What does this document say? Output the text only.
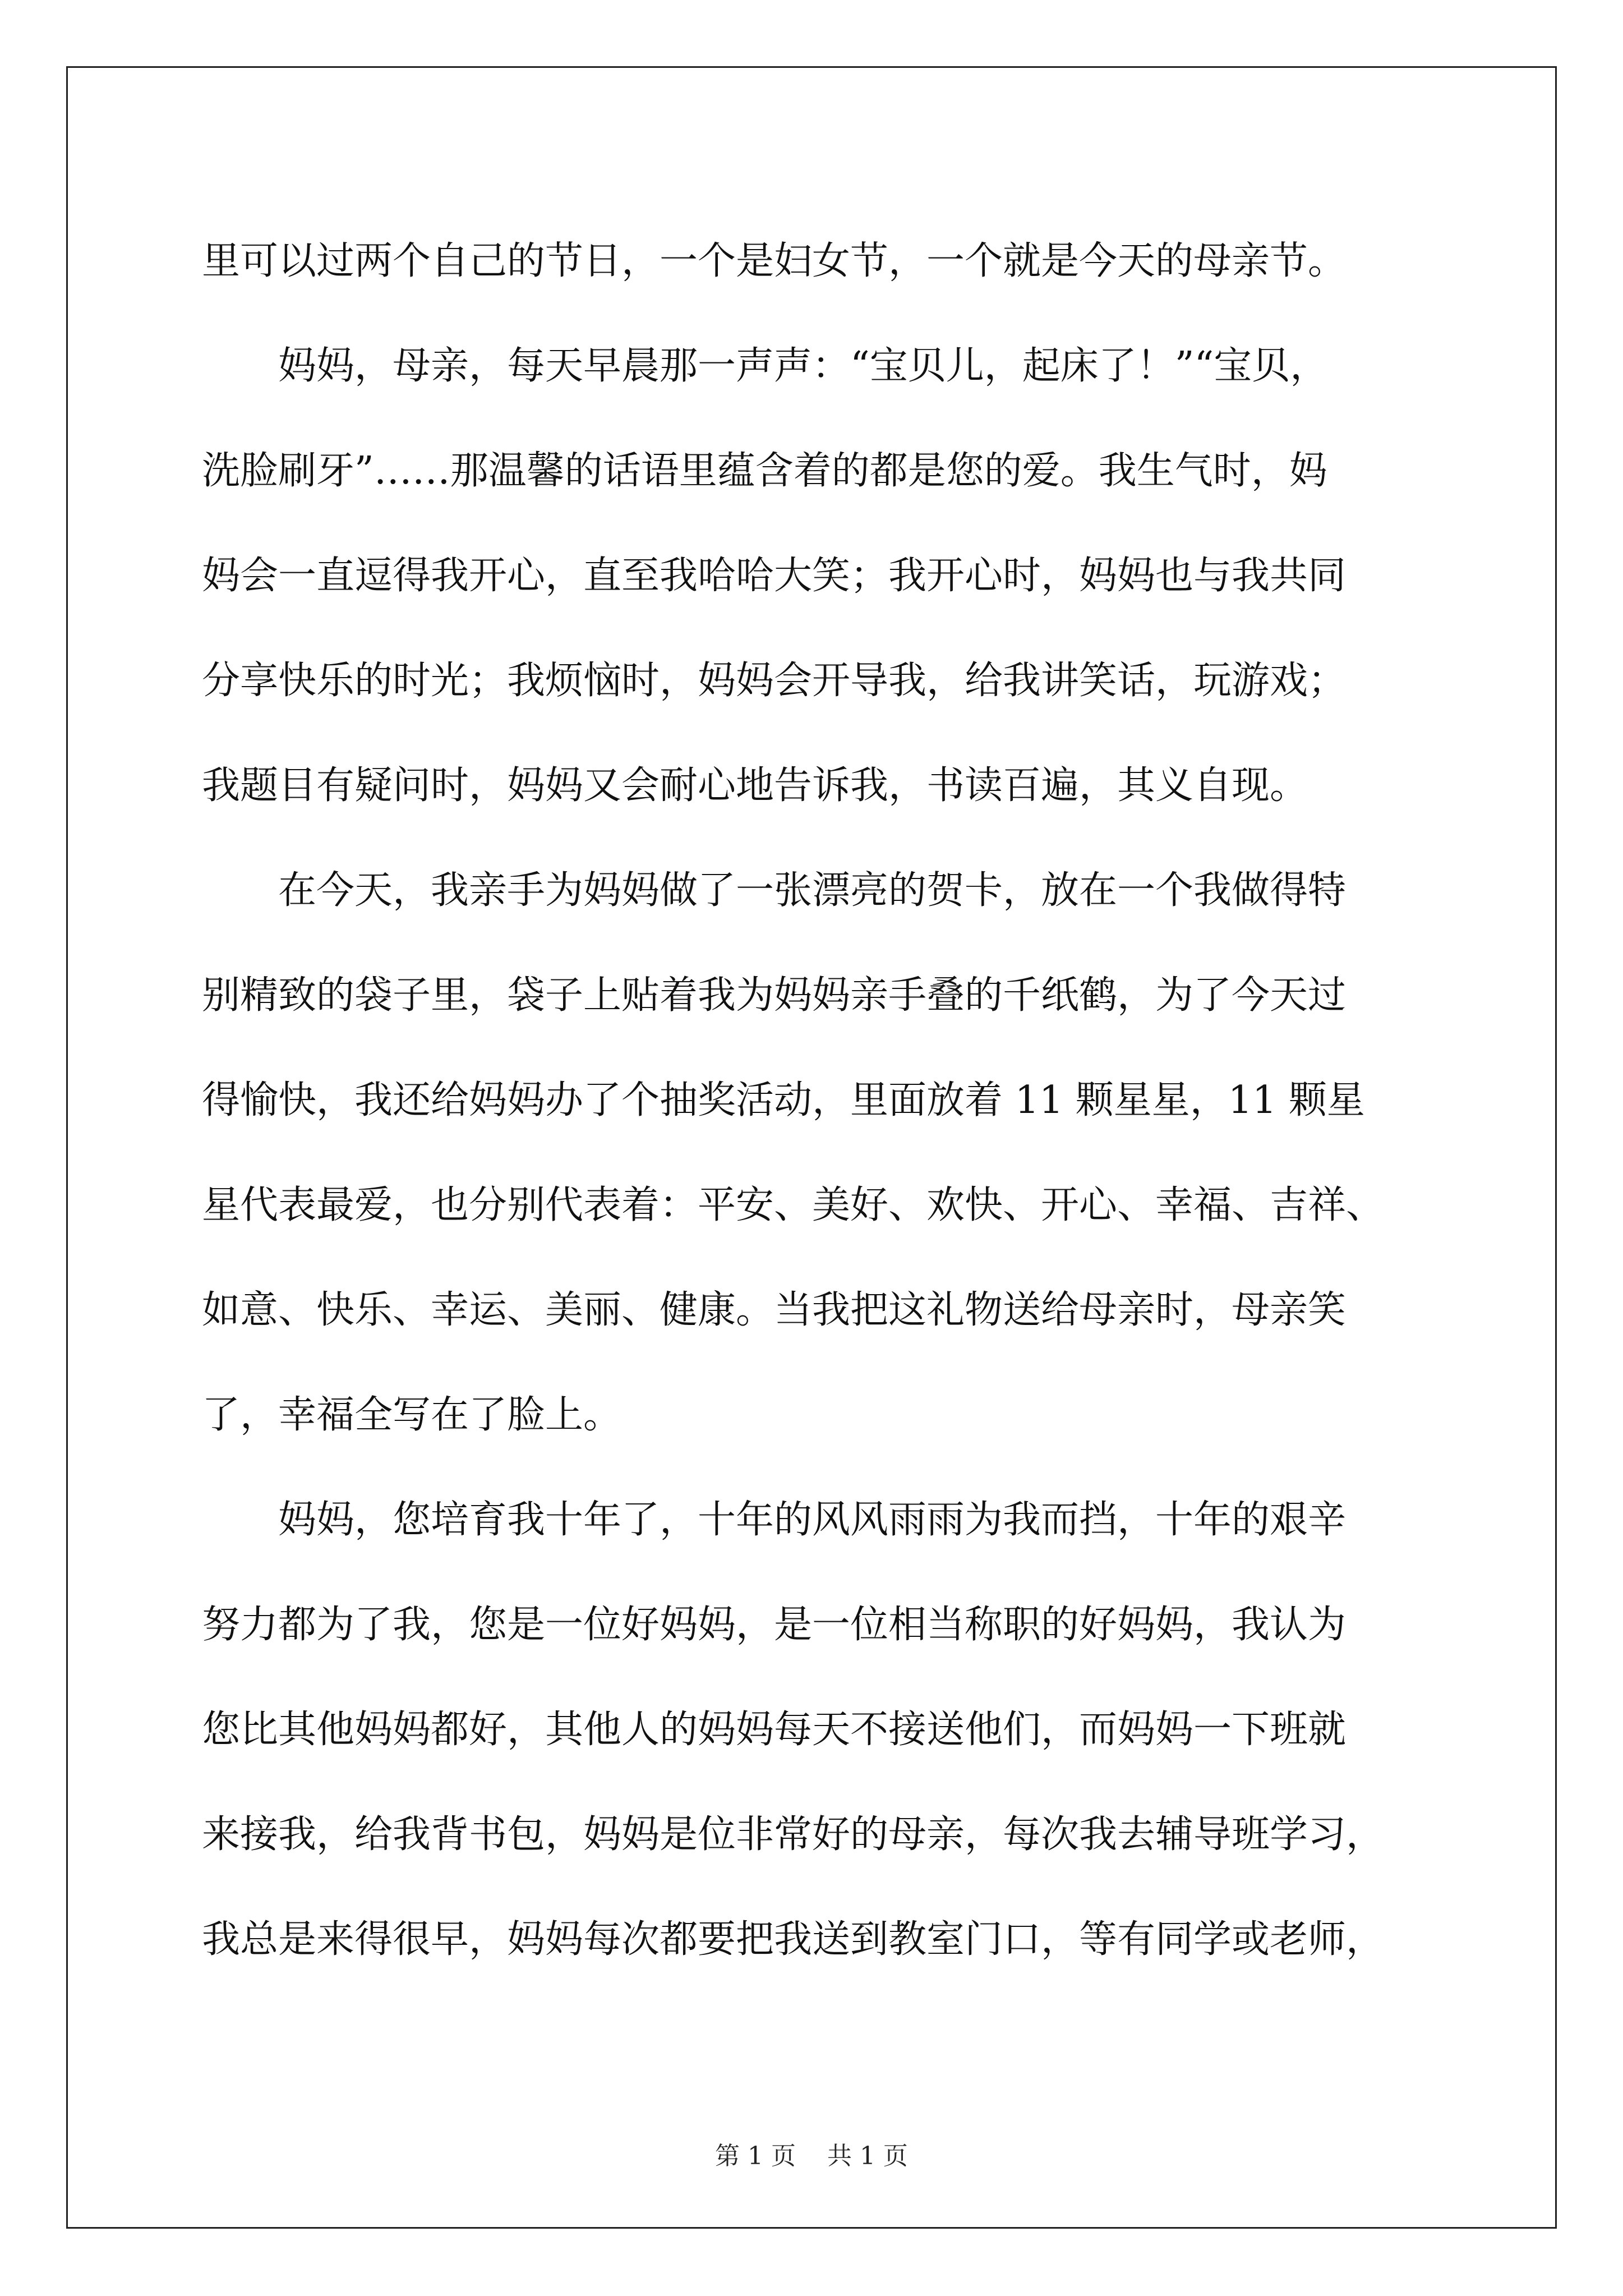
里可以过两个自己的节日，一个是妇女节，一个就是今天的母亲节。
　　妈妈，母亲，每天早晨那一声声：“宝贝儿，起床了！”“宝贝，
洗脸刷牙”……那温馨的话语里蕴含着的都是您的爱。我生气时，妈
妈会一直逗得我开心，直至我哈哈大笑；我开心时，妈妈也与我共同
分享快乐的时光；我烦恼时，妈妈会开导我，给我讲笑话，玩游戏；
我题目有疑问时，妈妈又会耐心地告诉我，书读百遍，其义自现。
　　在今天，我亲手为妈妈做了一张漂亮的贺卡，放在一个我做得特
别精致的袋子里，袋子上贴着我为妈妈亲手叠的千纸鹤，为了今天过
得愉快，我还给妈妈办了个抽奖活动，里面放着 11 颗星星，11 颗星
星代表最爱，也分别代表着：平安、美好、欢快、开心、幸福、吉祥、
如意、快乐、幸运、美丽、健康。当我把这礼物送给母亲时，母亲笑
了，幸福全写在了脸上。
　　妈妈，您培育我十年了，十年的风风雨雨为我而挡，十年的艰辛
努力都为了我，您是一位好妈妈，是一位相当称职的好妈妈，我认为
您比其他妈妈都好，其他人的妈妈每天不接送他们，而妈妈一下班就
来接我，给我背书包，妈妈是位非常好的母亲，每次我去辅导班学习，
我总是来得很早，妈妈每次都要把我送到教室门口，等有同学或老师，
第 1 页 共 1 页
